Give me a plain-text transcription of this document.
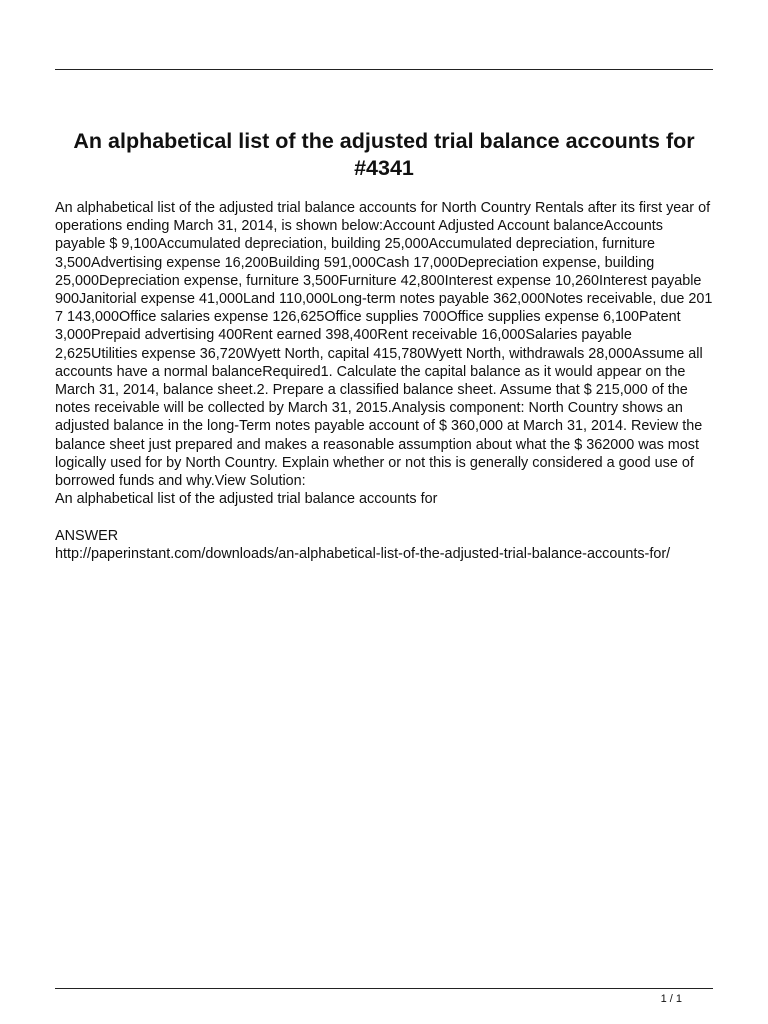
An alphabetical list of the adjusted trial balance accounts for #4341

An alphabetical list of the adjusted trial balance accounts for North Country Rentals after its first year of operations ending March 31, 2014, is shown below:Account Adjusted Account balanceAccounts payable $ 9,100Accumulated depreciation, building 25,000Accumulated depreciation, furniture 3,500Advertising expense 16,200Building 591,000Cash 17,000Depreciation expense, building 25,000Depreciation expense, furniture 3,500Furniture 42,800Interest expense 10,260Interest payable 900Janitorial expense 41,000Land 110,000Long-term notes payable 362,000Notes receivable, due 201 7 143,000Office salaries expense 126,625Office supplies 700Office supplies expense 6,100Patent 3,000Prepaid advertising 400Rent earned 398,400Rent receivable 16,000Salaries payable 2,625Utilities expense 36,720Wyett North, capital 415,780Wyett North, withdrawals 28,000Assume all accounts have a normal balanceRequired1. Calculate the capital balance as it would appear on the March 31, 2014, balance sheet.2. Prepare a classified balance sheet. Assume that $ 215,000 of the notes receivable will be collected by March 31, 2015.Analysis component: North Country shows an adjusted balance in the long-Term notes payable account of $ 360,000 at March 31, 2014. Review the balance sheet just prepared and makes a reasonable assumption about what the $ 362000 was most logically used for by North Country. Explain whether or not this is generally considered a good use of borrowed funds and why.View Solution:

An alphabetical list of the adjusted trial balance accounts for

ANSWER

http://paperinstant.com/downloads/an-alphabetical-list-of-the-adjusted-trial-balance-accounts-for/

1 / 1
